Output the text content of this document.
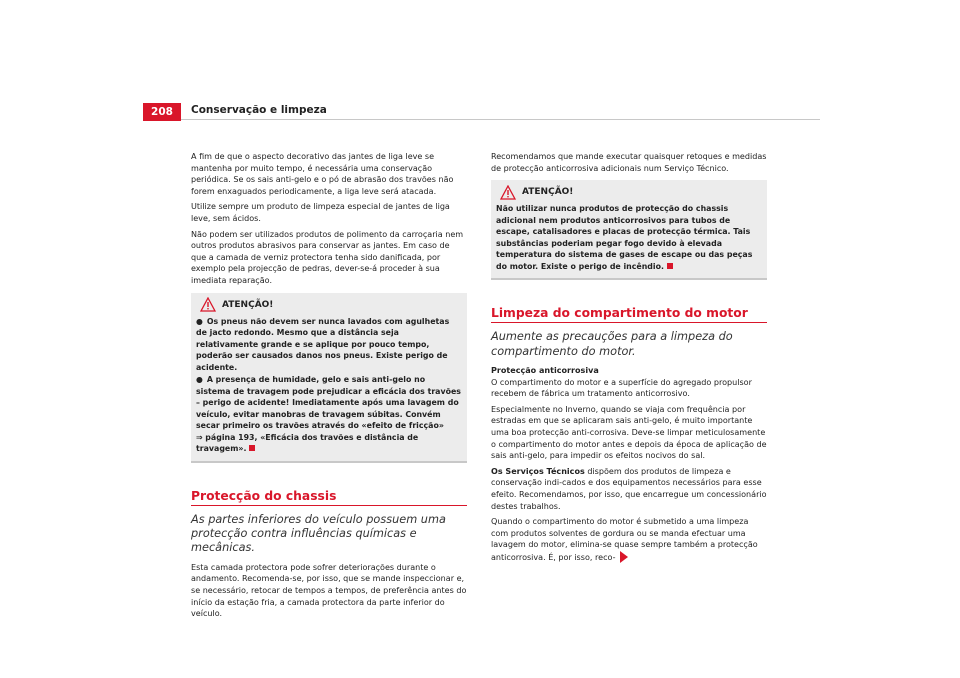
208	Conservação e limpeza

A fim de que o aspecto decorativo das jantes de liga leve se mantenha por muito tempo, é necessária uma conservação periódica. Se os sais anti-gelo e o pó de abrasão dos travões não forem enxaguados periodicamente, a liga leve será atacada.

Utilize sempre um produto de limpeza especial de jantes de liga leve, sem ácidos.

Não podem ser utilizados produtos de polimento da carroçaria nem outros produtos abrasivos para conservar as jantes. Em caso de que a camada de verniz protectora tenha sido danificada, por exemplo pela projecção de pedras, dever-se-á proceder à sua imediata reparação.

ATENÇÃO!

● Os pneus não devem ser nunca lavados com agulhetas de jacto redondo. Mesmo que a distância seja relativamente grande e se aplique por pouco tempo, poderão ser causados danos nos pneus. Existe perigo de acidente.

● A presença de humidade, gelo e sais anti-gelo no sistema de travagem pode prejudicar a eficácia dos travões – perigo de acidente! Imediatamente após uma lavagem do veículo, evitar manobras de travagem súbitas. Convém secar primeiro os travões através do «efeito de fricção»
⇒ página 193, «Eficácia dos travões e distância de travagem».

Protecção do chassis
As partes inferiores do veículo possuem uma protecção contra influências químicas e mecânicas.

Esta camada protectora pode sofrer deteriorações durante o andamento. Recomenda-se, por isso, que se mande inspeccionar e, se necessário, retocar de tempos a tempos, de preferência antes do início da estação fria, a camada protectora da parte inferior do veículo.

Recomendamos que mande executar quaisquer retoques e medidas de protecção anticorrosiva adicionais num Serviço Técnico.

ATENÇÃO!

Não utilizar nunca produtos de protecção do chassis adicional nem produtos anticorrosivos para tubos de escape, catalisadores e placas de protecção térmica. Tais substâncias poderiam pegar fogo devido à elevada temperatura do sistema de gases de escape ou das peças do motor. Existe o perigo de incêndio.

Limpeza do compartimento do motor
Aumente as precauções para a limpeza do compartimento do motor.

Protecção anticorrosiva

O compartimento do motor e a superfície do agregado propulsor recebem de fábrica um tratamento anticorrosivo.

Especialmente no Inverno, quando se viaja com frequência por estradas em que se aplicaram sais anti-gelo, é muito importante uma boa protecção anti-corrosiva. Deve-se limpar meticulosamente o compartimento do motor antes e depois da época de aplicação de sais anti-gelo, para impedir os efeitos nocivos do sal.

Os Serviços Técnicos dispõem dos produtos de limpeza e conservação indi-cados e dos equipamentos necessários para esse efeito. Recomendamos, por isso, que encarregue um concessionário destes trabalhos.

Quando o compartimento do motor é submetido a uma limpeza com produtos solventes de gordura ou se manda efectuar uma lavagem do motor, elimina-se quase sempre também a protecção anticorrosiva. É, por isso, reco-
